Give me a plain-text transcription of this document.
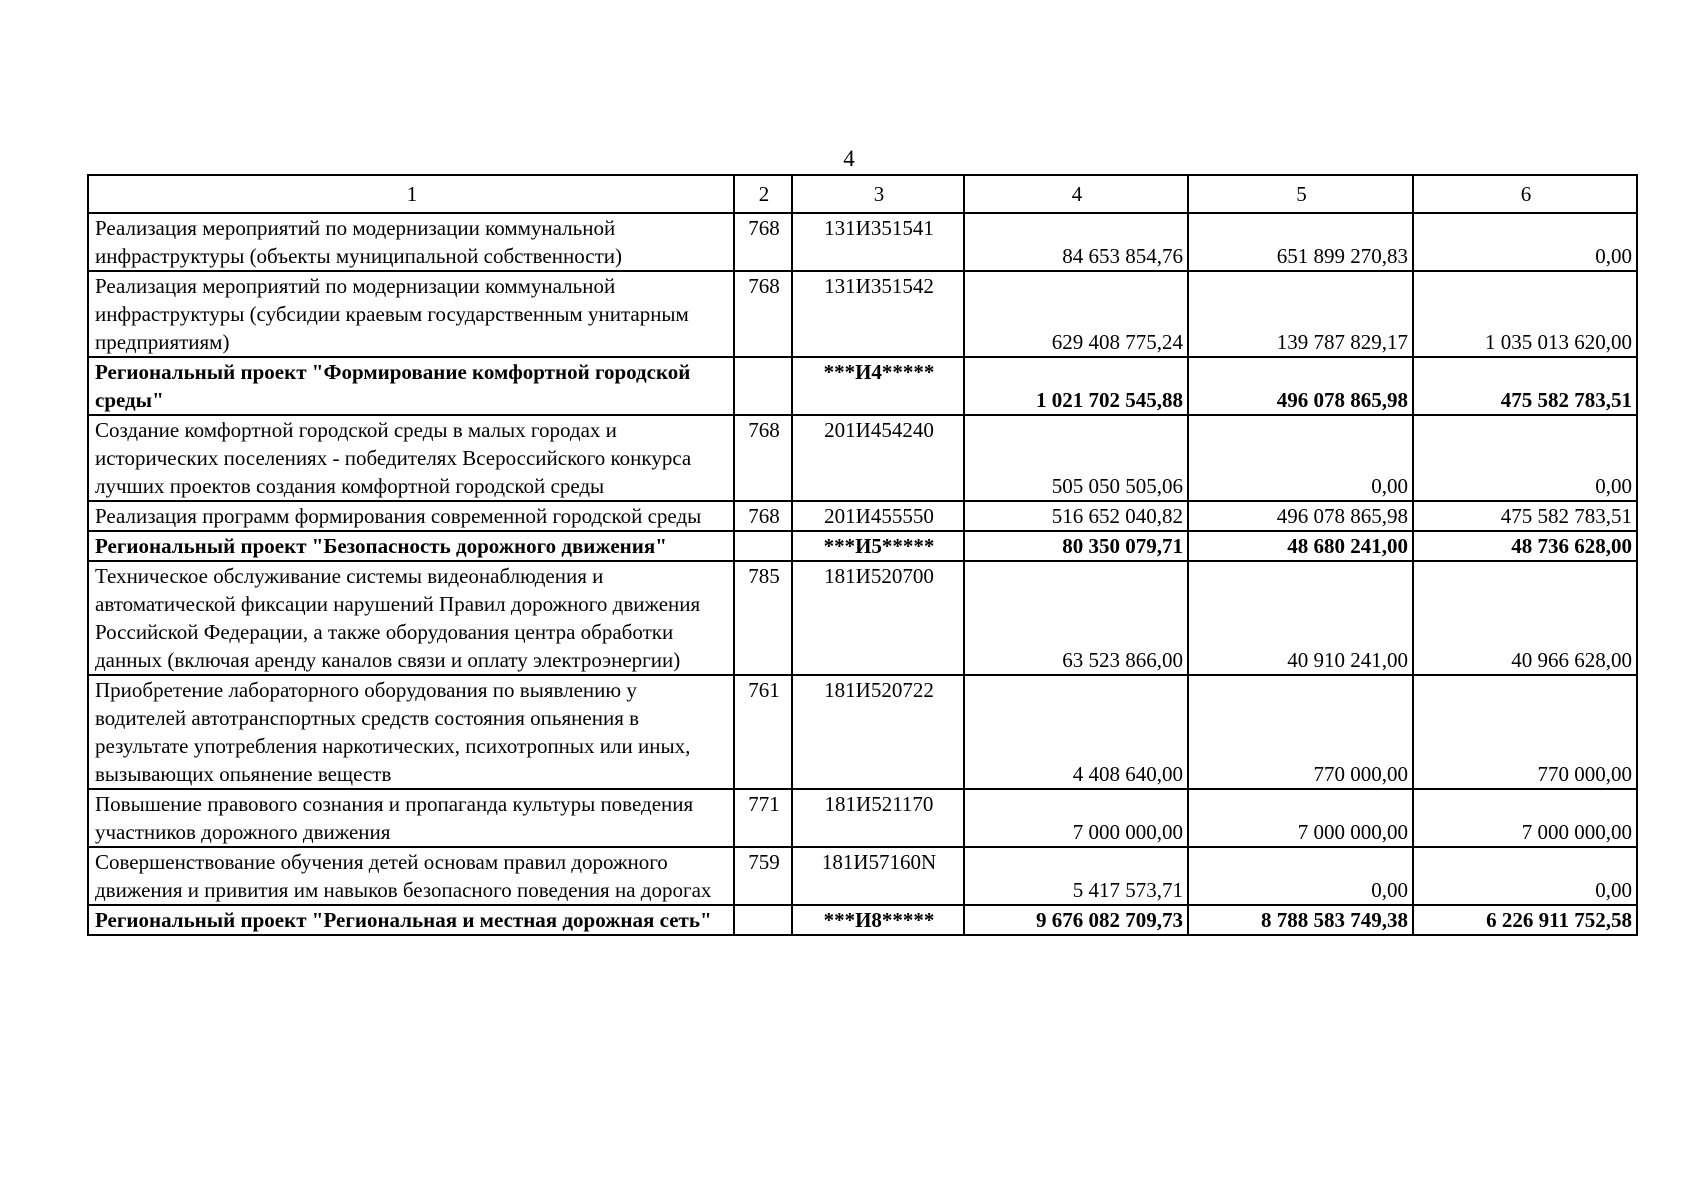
4
1	2	3	4	5	6
Реализация мероприятий по модернизации коммунальной инфраструктуры (объекты муниципальной собственности)	768	131И351541	84 653 854,76	651 899 270,83	0,00
Реализация мероприятий по модернизации коммунальной инфраструктуры (субсидии краевым государственным унитарным предприятиям)	768	131И351542	629 408 775,24	139 787 829,17	1 035 013 620,00
Региональный проект "Формирование комфортной городской среды"		***И4*****	1 021 702 545,88	496 078 865,98	475 582 783,51
Создание комфортной городской среды в малых городах и исторических поселениях - победителях Всероссийского конкурса лучших проектов создания комфортной городской среды	768	201И454240	505 050 505,06	0,00	0,00
Реализация программ формирования современной городской среды	768	201И455550	516 652 040,82	496 078 865,98	475 582 783,51
Региональный проект "Безопасность дорожного движения"		***И5*****	80 350 079,71	48 680 241,00	48 736 628,00
Техническое обслуживание системы видеонаблюдения и автоматической фиксации нарушений Правил дорожного движения Российской Федерации, а также оборудования центра обработки данных (включая аренду каналов связи и оплату электроэнергии)	785	181И520700	63 523 866,00	40 910 241,00	40 966 628,00
Приобретение лабораторного оборудования по выявлению у водителей автотранспортных средств состояния опьянения в результате употребления наркотических, психотропных или иных, вызывающих опьянение веществ	761	181И520722	4 408 640,00	770 000,00	770 000,00
Повышение правового сознания и пропаганда культуры поведения участников дорожного движения	771	181И521170	7 000 000,00	7 000 000,00	7 000 000,00
Совершенствование обучения детей основам правил дорожного движения и привития им навыков безопасного поведения на дорогах	759	181И57160N	5 417 573,71	0,00	0,00
Региональный проект "Региональная и местная дорожная сеть"		***И8*****	9 676 082 709,73	8 788 583 749,38	6 226 911 752,58
